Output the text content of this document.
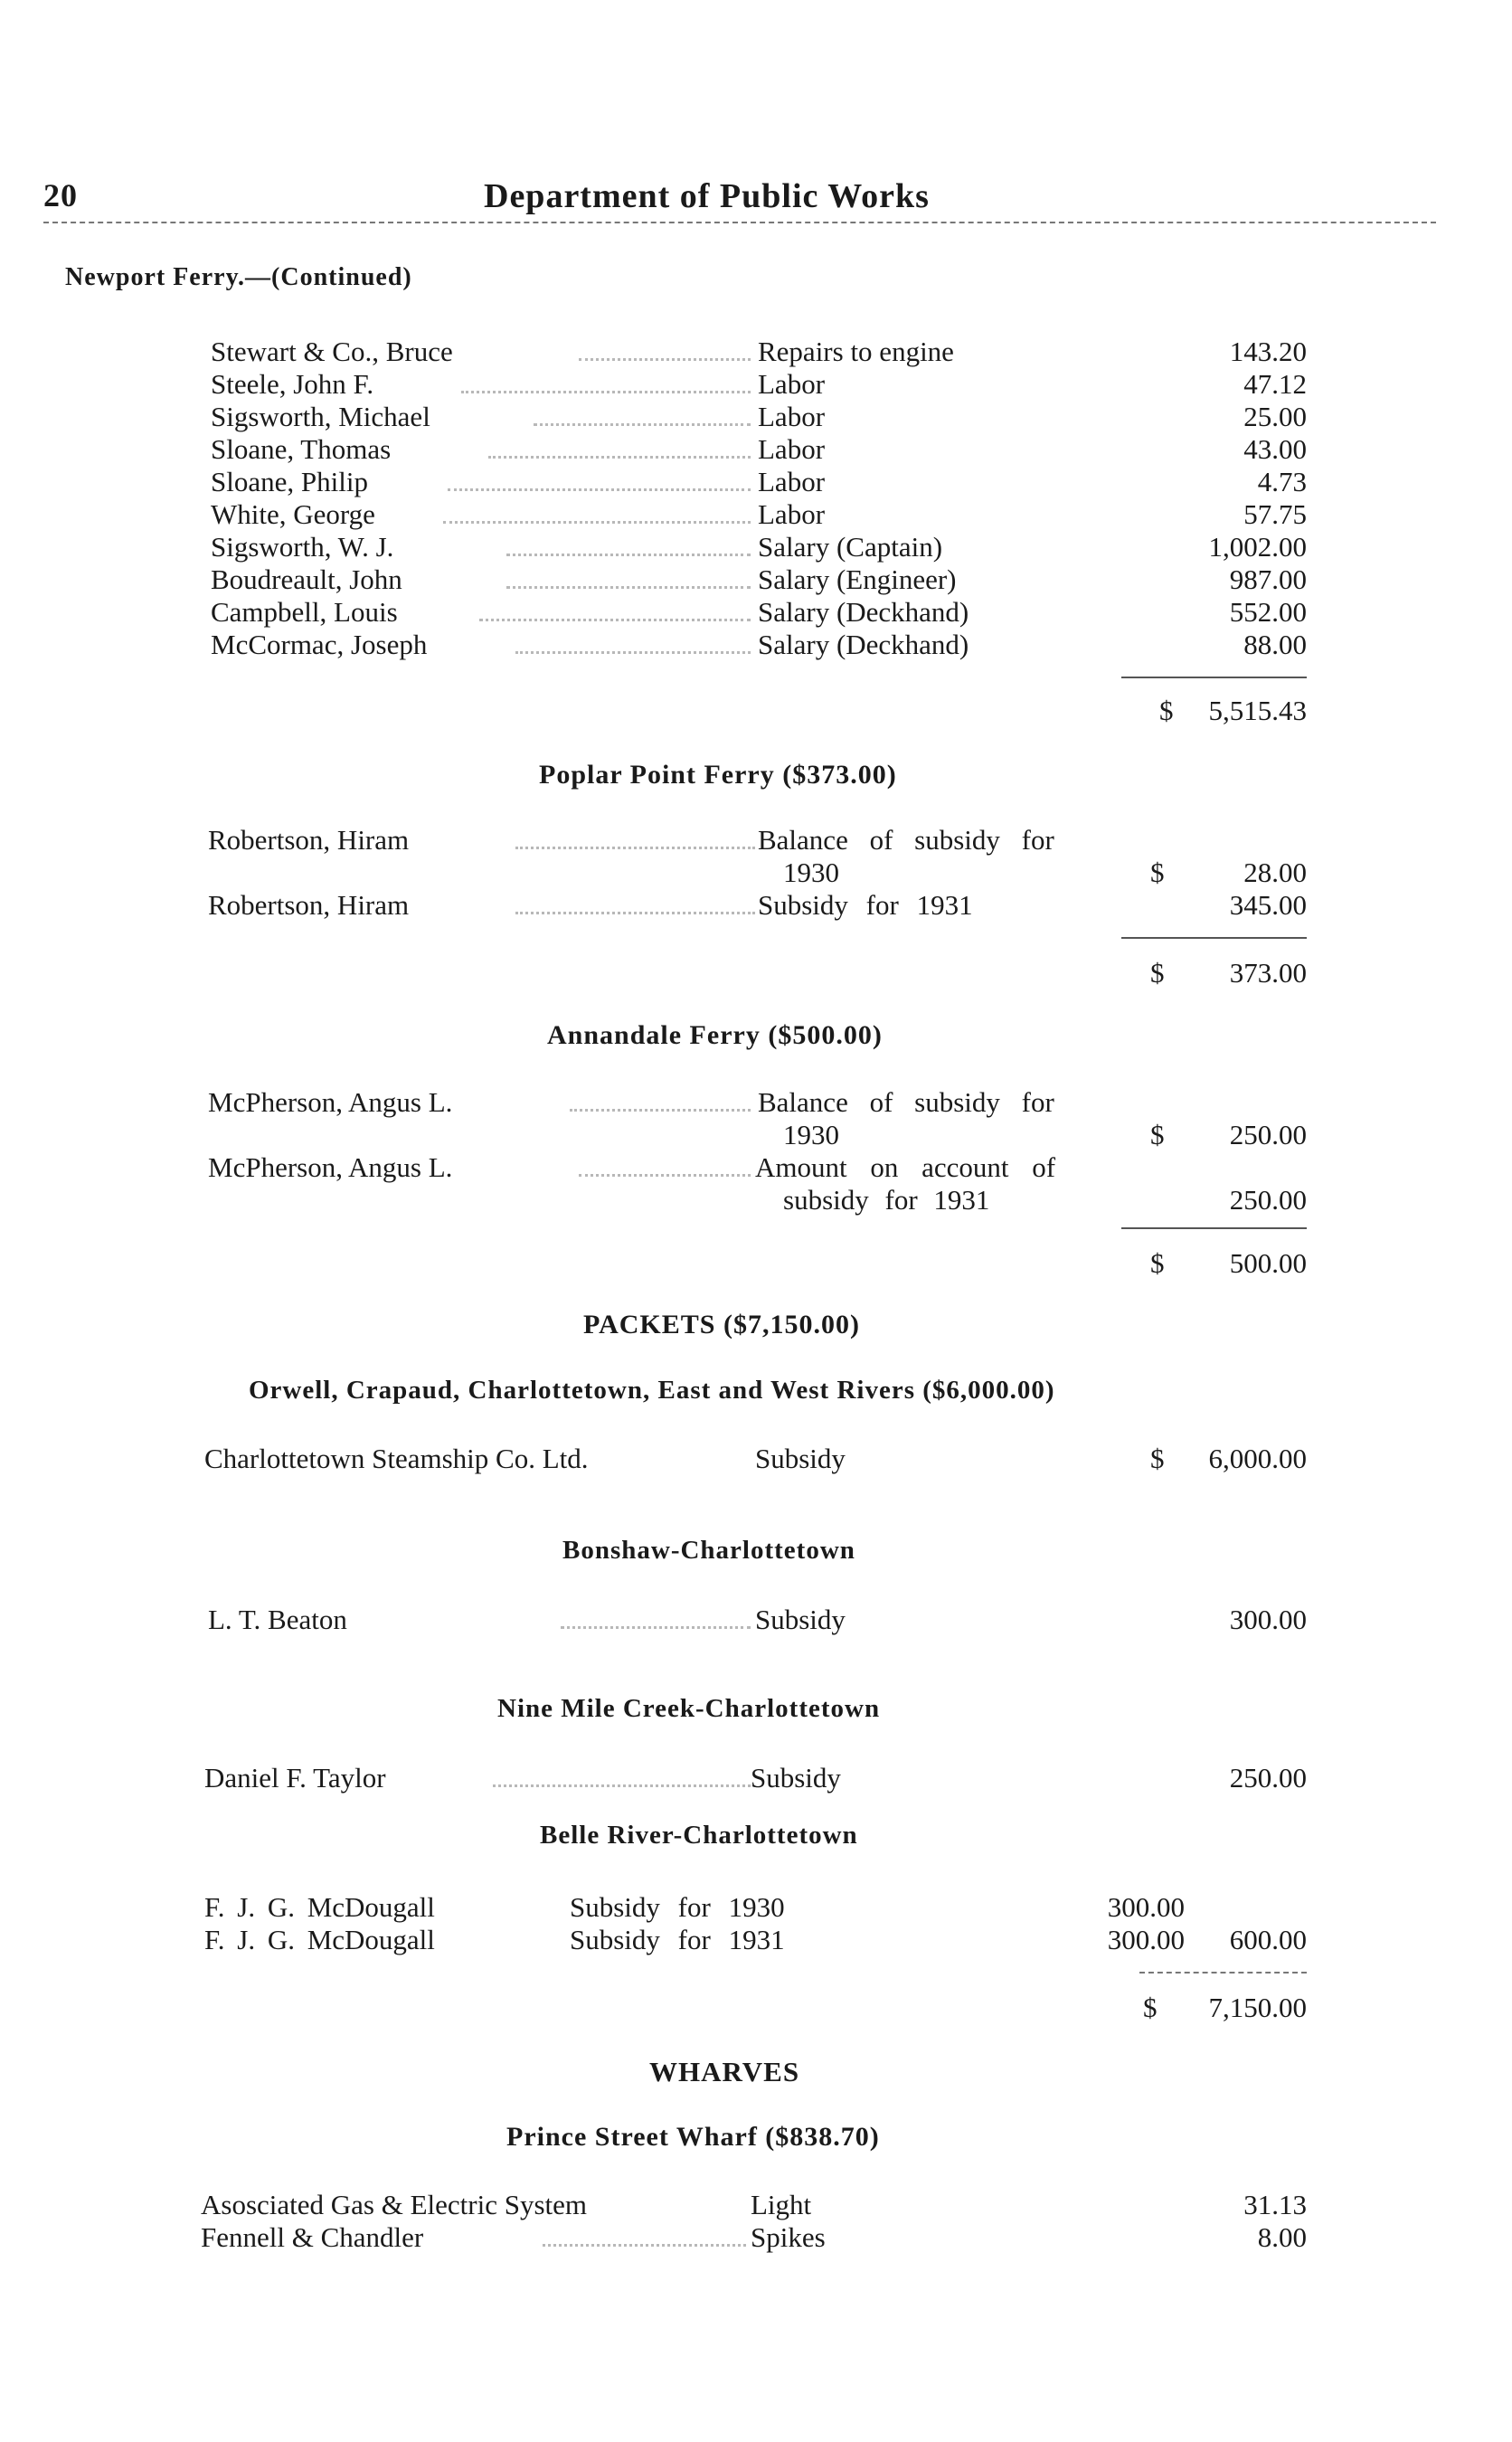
20	Department of Public Works
Newport Ferry.—(Continued)
Stewart & Co., Bruce	Repairs to engine	143.20
Steele, John F.	Labor	47.12
Sigsworth, Michael	Labor	25.00
Sloane, Thomas	Labor	43.00
Sloane, Philip	Labor	4.73
White, George	Labor	57.75
Sigsworth, W. J.	Salary (Captain)	1,002.00
Boudreault, John	Salary (Engineer)	987.00
Campbell, Louis	Salary (Deckhand)	552.00
McCormac, Joseph	Salary (Deckhand)	88.00
$	5,515.43
Poplar Point Ferry ($373.00)
Robertson, Hiram	Balance of subsidy for
1930	$	28.00
Robertson, Hiram	Subsidy for 1931	345.00
$	373.00
Annandale Ferry ($500.00)
McPherson, Angus L.	Balance of subsidy for
1930	$	250.00
McPherson, Angus L.	Amount on account of
subsidy for 1931	250.00
$	500.00
PACKETS ($7,150.00)
Orwell, Crapaud, Charlottetown, East and West Rivers ($6,000.00)
Charlottetown Steamship Co. Ltd.	Subsidy	$	6,000.00
Bonshaw-Charlottetown
L. T. Beaton	Subsidy	300.00
Nine Mile Creek-Charlottetown
Daniel F. Taylor	Subsidy	250.00
Belle River-Charlottetown
F. J. G. McDougall	Subsidy for 1930	300.00
F. J. G. McDougall	Subsidy for 1931	300.00	600.00
$	7,150.00
WHARVES
Prince Street Wharf ($838.70)
Asosciated Gas & Electric System	Light	31.13
Fennell & Chandler	Spikes	8.00
